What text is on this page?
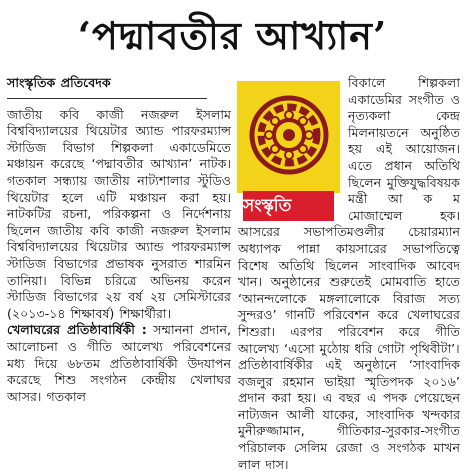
‘পদ্মাবতীর আখ্যান’

সাংস্কৃতিক প্রতিবেদক

জাতীয় কবি কাজী নজরুল ইসলাম বিশ্ববিদ্যালয়ের থিয়েটার অ্যান্ড পারফরম্যান্স স্টাডিজ বিভাগ শিল্পকলা একাডেমিতে মঞ্চায়ন করেছে ‘পদ্মাবতীর আখ্যান’ নাটক। গতকাল সন্ধ্যায় জাতীয় নাট্যশালার স্টুডিও থিয়েটার হলে এটি মঞ্চায়ন করা হয়। নাটকটির রচনা, পরিকল্পনা ও নির্দেশনায় ছিলেন জাতীয় কবি কাজী নজরুল ইসলাম বিশ্ববিদ্যালয়ের থিয়েটার অ্যান্ড পারফরম্যান্স স্টাডিজ বিভাগের প্রভাষক নুসরাত শারমিন তানিয়া। বিভিন্ন চরিত্রে অভিনয় করেন স্টাডিজ বিভাগের ২য় বর্ষ ২য় সেমিস্টারের (২০১৩-১৪ শিক্ষাবর্ষ) শিক্ষার্থীরা।

খেলাঘরের প্রতিষ্ঠাবার্ষিকী : সম্মাননা প্রদান, আলোচনা ও গীতি আলেখ্য পরিবেশনের মধ্য দিয়ে ৬৮তম প্রতিষ্ঠাবার্ষিকী উদযাপন করেছে শিশু সংগঠন কেন্দ্রীয় খেলাঘর আসর। গতকাল

সংস্কৃতি
বিকালে শিল্পকলা একাডেমির সংগীত ও নৃত্যকলা কেন্দ্র মিলনায়তনে অনুষ্ঠিত হয় এই আয়োজন। এতে প্রধান অতিথি ছিলেন মুক্তিযুদ্ধবিষয়ক মন্ত্রী আ ক ম মোজাম্মেল হক। আসরের সভাপতিমণ্ডলীর চেয়ারম্যান অধ্যাপক পান্না কায়সারের সভাপতিত্বে বিশেষ অতিথি ছিলেন সাংবাদিক আবেদ খান। অনুষ্ঠানের শুরুতেই মোমবাতি হাতে ‘আনন্দলোকে মঙ্গলালোকে বিরাজ সত্য সুন্দরও’ গানটি পরিবেশন করে খেলাঘরের শিশুরা। এরপর পরিবেশন করে গীতি আলেখ্য ‘এসো মুঠোয় ধরি গোটা পৃথিবীটা’।

প্রতিষ্ঠাবার্ষিকীর এই অনুষ্ঠানে ‘সাংবাদিক বজলুর রহমান ভাইয়া স্মৃতিপদক ২০১৬’ প্রদান করা হয়। এ বছর এ পদক পেয়েছেন নাট্যজন আলী যাকের, সাংবাদিক খন্দকার মুনীরুজ্জামান, গীতিকার-সুরকার-সংগীত পরিচালক সেলিম রেজা ও সংগঠক মাখন লাল দাস।
